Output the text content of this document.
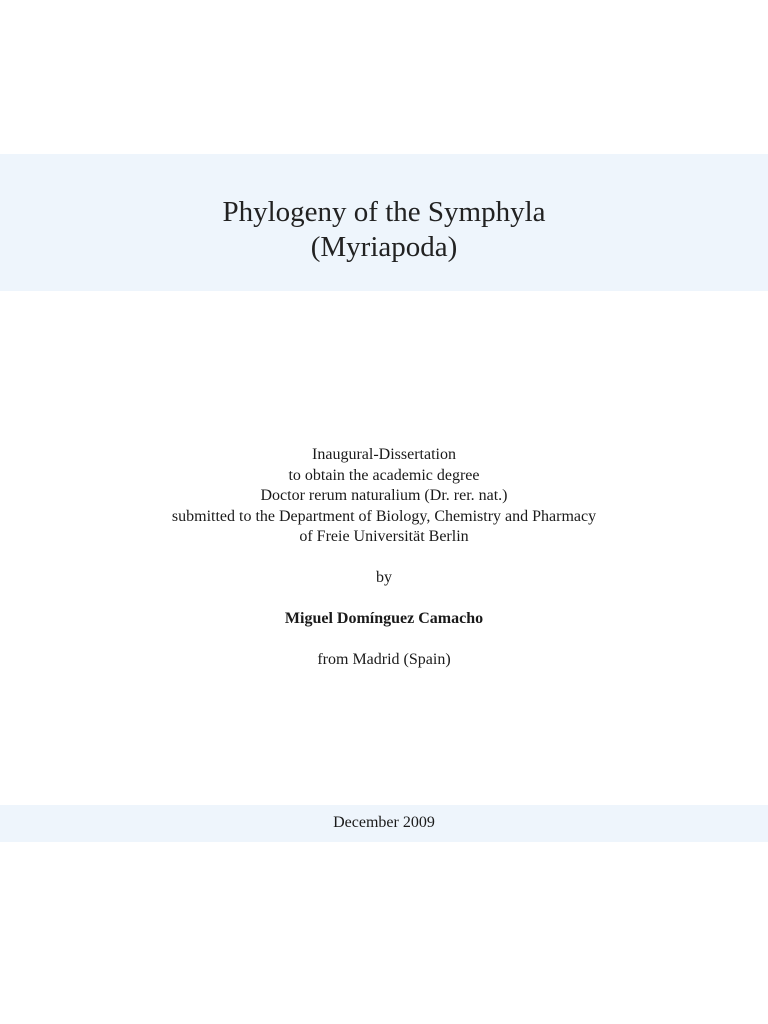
Phylogeny of the Symphyla
(Myriapoda)
Inaugural-Dissertation
to obtain the academic degree
Doctor rerum naturalium (Dr. rer. nat.)
submitted to the Department of Biology, Chemistry and Pharmacy
of Freie Universität Berlin
by
Miguel Domínguez Camacho
from Madrid (Spain)
December 2009
